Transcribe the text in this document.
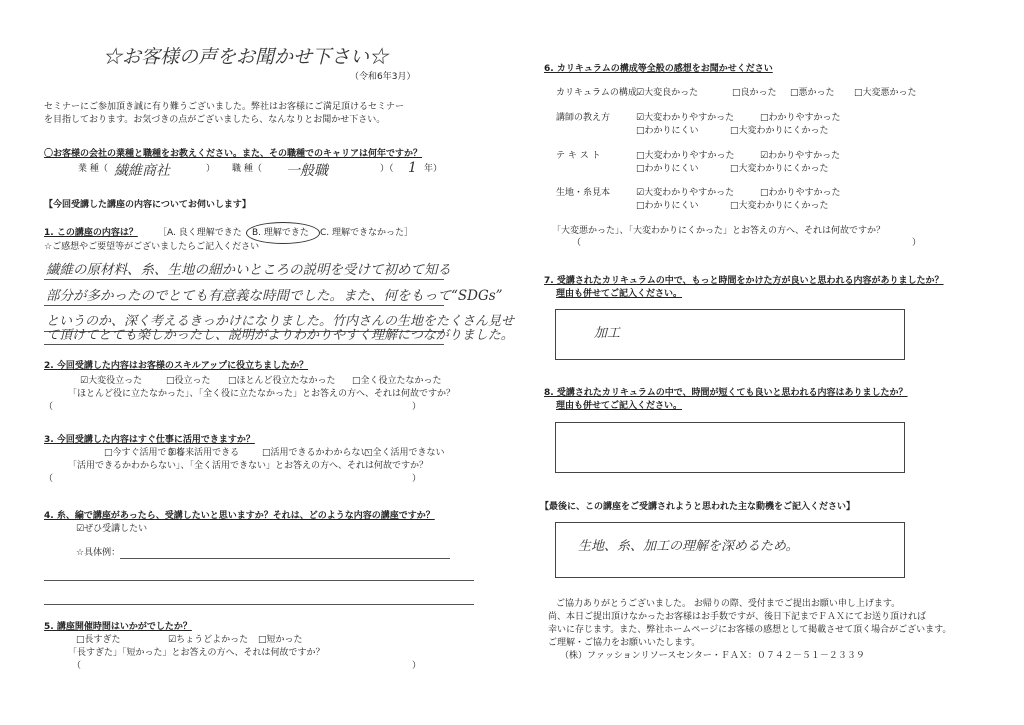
☆お客様の声をお聞かせ下さい☆
（令和6年3月）
セミナーにご参加頂き誠に有り難うございました。弊社はお客様にご満足頂けるセミナー
を目指しております。お気づきの点がございましたら、なんなりとお聞かせ下さい。
〇お客様の会社の業種と職種をお教えください。また、その職種でのキャリアは何年ですか？
業 種（ 繊維商社	） 職 種（ 一般職	）（ 1 年）
【今回受講した講座の内容についてお伺いします】
1. この講座の内容は？ ［A. 良く理解できた B. 理解できた C. 理解できなかった］
☆ご感想やご要望等がございましたらご記入ください
繊維の原材料、糸、生地の細かいところの説明を受けて初めて知る
部分が多かったのでとても有意義な時間でした。また、何をもって“SDGs”
というのか、深く考えるきっかけになりました。竹内さんの生地をたくさん見せ
て頂けてとても楽しかったし、説明がよりわかりやすく理解につながりました。
2. 今回受講した内容はお客様のスキルアップに役立ちましたか？
☑大変役立った	□役立った □ほとんど役立たなかった □全く役立たなかった
「ほとんど役に立たなかった」、「全く役に立たなかった」とお答えの方へ、それは何故ですか？
（	）
3. 今回受講した内容はすぐ仕事に活用できますか？
□今すぐ活用できる
☑将来活用できる	□活用できるかわからない
□全く活用できない
「活用できるかわからない」、「全く活用できない」とお答えの方へ、それは何故ですか？
（	）
4. 糸、編で講座があったら、受講したいと思いますか？それは、どのような内容の講座ですか？
☑ぜひ受講したい
☆具体例：
5. 講座開催時間はいかがでしたか？
□長すぎた	☑ちょうどよかった □短かった
「長すぎた」「短かった」とお答えの方へ、それは何故ですか？
（	）
6. カリキュラムの構成等全般の感想をお聞かせください
カリキュラムの構成 ☑大変良かった	□良かった □悪かった □大変悪かった
講師の教え方	☑大変わかりやすかった	□わかりやすかった
□わかりにくい	□大変わかりにくかった
テ キ ス ト	□大変わかりやすかった	☑わかりやすかった
□わかりにくい	□大変わかりにくかった
生地・糸見本	☑大変わかりやすかった	□わかりやすかった
□わかりにくい	□大変わかりにくかった
「大変悪かった」、「大変わかりにくかった」とお答えの方へ、それは何故ですか？
（	）
7. 受講されたカリキュラムの中で、もっと時間をかけた方が良いと思われる内容がありましたか？
理由も併せてご記入ください。
加工
8. 受講されたカリキュラムの中で、時間が短くても良いと思われる内容はありましたか？
理由も併せてご記入ください。
【最後に、この講座をご受講されようと思われた主な動機をご記入ください】
生地、糸、加工の理解を深めるため。
ご協力ありがとうございました。 お帰りの際、受付までご提出お願い申し上げます。
尚、本日ご提出頂けなかったお客様はお手数ですが、後日下記までＦＡＸにてお送り頂ければ
幸いに存じます。また、弊社ホームページにお客様の感想として掲載させて頂く場合がございます。
ご理解・ご協力をお願いいたします。
（株）ファッションリソースセンター・ＦＡＸ：０７４２－５１－２３３９
